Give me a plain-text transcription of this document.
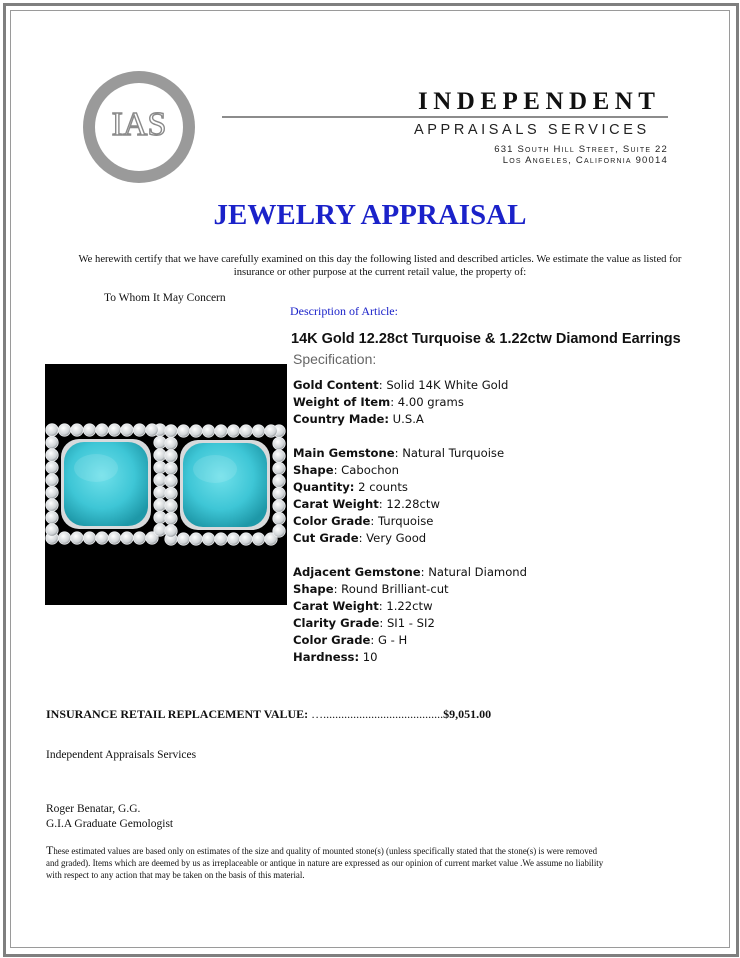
IAS
Appraisal
INDEPENDENT
APPRAISALS SERVICES
631 South Hill Street, Suite 22
Los Angeles, California 90014
JEWELRY APPRAISAL
We herewith certify that we have carefully examined on this day the following listed and described articles. We estimate the value as listed for insurance or other purpose at the current retail value, the property of:
To Whom It May Concern
Description of Article:
14K Gold 12.28ct Turquoise & 1.22ctw Diamond Earrings
Specification:
Gold Content: Solid 14K White Gold
Weight of Item: 4.00 grams
Country Made: U.S.A
Main Gemstone: Natural Turquoise
Shape: Cabochon
Quantity: 2 counts
Carat Weight: 12.28ctw
Color Grade: Turquoise
Cut Grade: Very Good
Adjacent Gemstone: Natural Diamond
Shape: Round Brilliant-cut
Carat Weight: 1.22ctw
Clarity Grade: SI1 - SI2
Color Grade: G - H
Hardness: 10
INSURANCE RETAIL REPLACEMENT VALUE: …........................................$9,051.00
Independent Appraisals Services
Roger Benatar, G.G.
G.I.A Graduate Gemologist
These estimated values are based only on estimates of the size and quality of mounted stone(s) (unless specifically stated that the stone(s) is were removed and graded). Items which are deemed by us as irreplaceable or antique in nature are expressed as our opinion of current market value .We assume no liability with respect to any action that may be taken on the basis of this material.
